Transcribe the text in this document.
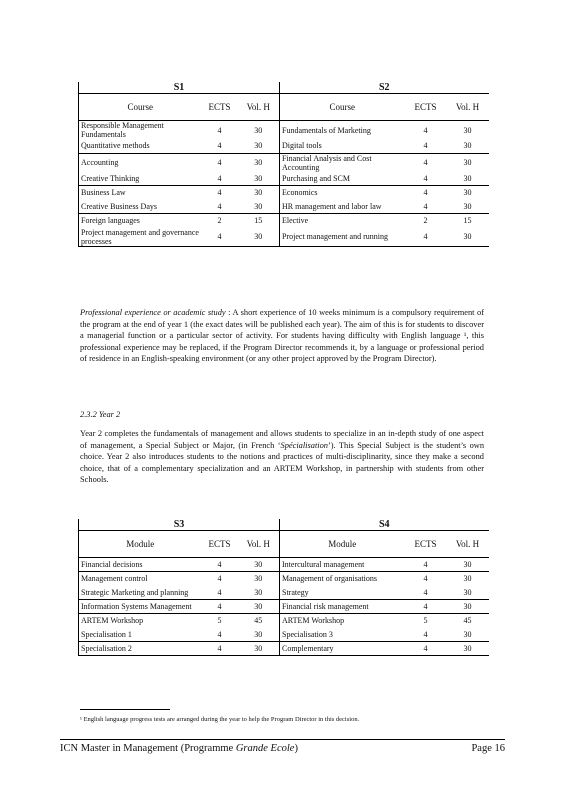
S1			S2		
Course	ECTS	Vol. H	Course	ECTS	Vol. H
Responsible Management Fundamentals	4	30	Fundamentals of Marketing	4	30
Quantitative methods	4	30	Digital tools	4	30
Accounting	4	30	Financial Analysis and Cost Accounting	4	30
Creative Thinking	4	30	Purchasing and SCM	4	30
Business Law	4	30	Economics	4	30
Creative Business Days	4	30	HR management and labor law	4	30
Foreign languages	2	15	Elective	2	15
Project management and governance processes	4	30	Project management and running	4	30

Professional experience or academic study : A short experience of 10 weeks minimum is a compulsory requirement of the program at the end of year 1 (the exact dates will be published each year). The aim of this is for students to discover a managerial function or a particular sector of activity. For students having difficulty with English language ¹, this professional experience may be replaced, if the Program Director recommends it, by a language or professional period of residence in an English-speaking environment (or any other project approved by the Program Director).

2.3.2 Year 2

Year 2 completes the fundamentals of management and allows students to specialize in an in-depth study of one aspect of management, a Special Subject or Major, (in French ‘Spécialisation’). This Special Subject is the student’s own choice. Year 2 also introduces students to the notions and practices of multi-disciplinarity, since they make a second choice, that of a complementary specialization and an ARTEM Workshop, in partnership with students from other Schools.

S3			S4		
Module	ECTS	Vol. H	Module	ECTS	Vol. H
Financial decisions	4	30	Intercultural management	4	30
Management control	4	30	Management of organisations	4	30
Strategic Marketing and planning	4	30	Strategy	4	30
Information Systems Management	4	30	Financial risk management	4	30
ARTEM Workshop	5	45	ARTEM Workshop	5	45
Specialisation 1	4	30	Specialisation 3	4	30
Specialisation 2	4	30	Complementary	4	30

¹ English language progress tests are arranged during the year to help the Program Director in this decision.

ICN Master in Management (Programme Grande Ecole)	Page 16
